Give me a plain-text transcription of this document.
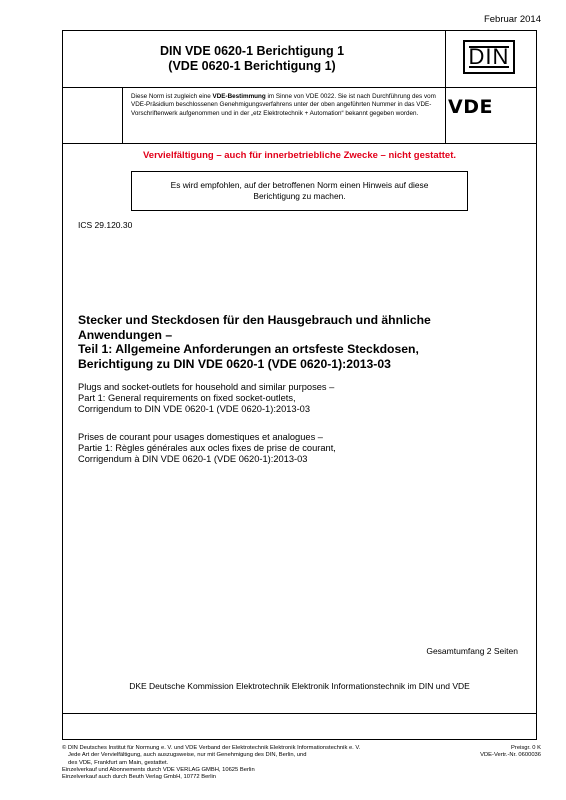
Februar 2014
DIN VDE 0620-1 Berichtigung 1
(VDE 0620-1 Berichtigung 1)	DIN
Diese Norm ist zugleich eine VDE-Bestimmung im Sinne von VDE 0022. Sie ist nach Durchführung des vom VDE-Präsidium beschlossenen Genehmigungsverfahrens unter der oben angeführten Nummer in das VDE-Vorschriftenwerk aufgenommen und in der „etz Elektrotechnik + Automation“ bekannt gegeben worden.	VDE
Vervielfältigung – auch für innerbetriebliche Zwecke – nicht gestattet.
Es wird empfohlen, auf der betroffenen Norm einen Hinweis auf diese
Berichtigung zu machen.
ICS 29.120.30
Stecker und Steckdosen für den Hausgebrauch und ähnliche
Anwendungen –
Teil 1: Allgemeine Anforderungen an ortsfeste Steckdosen,
Berichtigung zu DIN VDE 0620-1 (VDE 0620-1):2013-03
Plugs and socket-outlets for household and similar purposes –
Part 1: General requirements on fixed socket-outlets,
Corrigendum to DIN VDE 0620-1 (VDE 0620-1):2013-03
Prises de courant pour usages domestiques et analogues –
Partie 1: Règles générales aux ocles fixes de prise de courant,
Corrigendum à DIN VDE 0620-1 (VDE 0620-1):2013-03
Gesamtumfang 2 Seiten
DKE Deutsche Kommission Elektrotechnik Elektronik Informationstechnik im DIN und VDE
© DIN Deutsches Institut für Normung e. V. und VDE Verband der Elektrotechnik Elektronik Informationstechnik e. V.
Jede Art der Vervielfältigung, auch auszugsweise, nur mit Genehmigung des DIN, Berlin, und
des VDE, Frankfurt am Main, gestattet.
Einzelverkauf und Abonnements durch VDE VERLAG GMBH, 10625 Berlin
Einzelverkauf auch durch Beuth Verlag GmbH, 10772 Berlin
Preisgr. 0 K
VDE-Vertr.-Nr. 0600036
